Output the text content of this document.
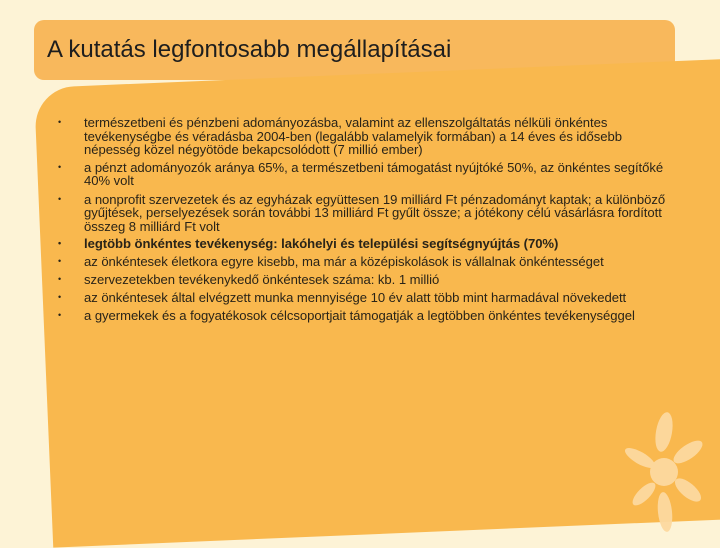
A kutatás legfontosabb megállapításai
• természetbeni és pénzbeni adományozásba, valamint az ellenszolgáltatás nélküli önkéntes tevékenységbe és véradásba 2004-ben (legalább valamelyik formában) a 14 éves és idősebb népesség közel négyötöde bekapcsolódott (7 millió ember)
• a pénzt adományozók aránya 65%, a természetbeni támogatást nyújtóké 50%, az önkéntes segítőké 40% volt
• a nonprofit szervezetek és az egyházak együttesen 19 milliárd Ft pénzadományt kaptak; a különböző gyűjtések, perselyezések során további 13 milliárd Ft gyűlt össze; a jótékony célú vásárlásra fordított összeg 8 milliárd Ft volt
• legtöbb önkéntes tevékenység: lakóhelyi és települési segítségnyújtás (70%)
• az önkéntesek életkora egyre kisebb, ma már a középiskolások is vállalnak önkéntességet
• szervezetekben tevékenykedő önkéntesek száma: kb. 1 millió
• az önkéntesek által elvégzett munka mennyisége 10 év alatt több mint harmadával növekedett
• a gyermekek és a fogyatékosok célcsoportjait támogatják a legtöbben önkéntes tevékenységgel
